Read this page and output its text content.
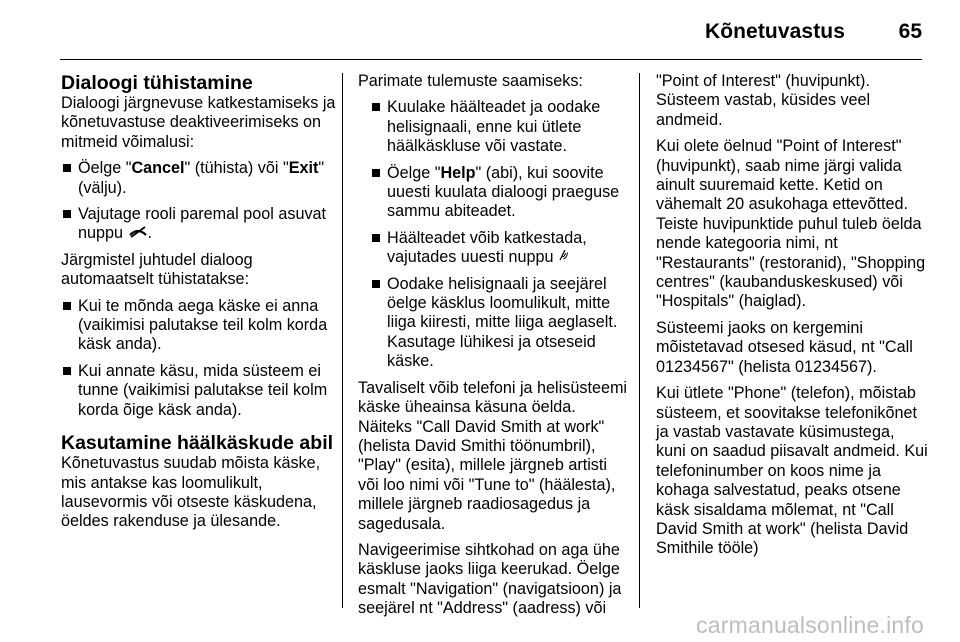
Kõnetuvastus	65
Dialoogi tühistamine

Dialoogi järgnevuse katkestamiseks ja kõnetuvastuse deaktiveerimiseks on mitmeid võimalusi:

Öelge "Cancel" (tühista) või "Exit" (välju).
Vajutage rooli paremal pool asuvat nuppu .

Järgmistel juhtudel dialoog automaatselt tühistatakse:

Kui te mõnda aega käske ei anna (vaikimisi palutakse teil kolm korda käsk anda).
Kui annate käsu, mida süsteem ei tunne (vaikimisi palutakse teil kolm korda õige käsk anda).
Kasutamine häälkäskude abil

Kõnetuvastus suudab mõista käske, mis antakse kas loomulikult, lausevormis või otseste käskudena, öeldes rakenduse ja ülesande.

Parimate tulemuste saamiseks:

Kuulake häälteadet ja oodake helisignaali, enne kui ütlete häälkäskluse või vastate.
Öelge "Help" (abi), kui soovite uuesti kuulata dialoogi praeguse sammu abiteadet.
Häälteadet võib katkestada, vajutades uuesti nuppu
Oodake helisignaali ja seejärel öelge käsklus loomulikult, mitte liiga kiiresti, mitte liiga aeglaselt. Kasutage lühikesi ja otseseid käske.

Tavaliselt võib telefoni ja helisüsteemi käske üheainsa käsuna öelda. Näiteks "Call David Smith at work" (helista David Smithi töönumbril), "Play" (esita), millele järgneb artisti või loo nimi või "Tune to" (häälesta), millele järgneb raadiosagedus ja sagedusala.

Navigeerimise sihtkohad on aga ühe käskluse jaoks liiga keerukad. Öelge esmalt "Navigation" (navigatsioon) ja seejärel nt "Address" (aadress) või

"Point of Interest" (huvipunkt). Süsteem vastab, küsides veel andmeid.

Kui olete öelnud "Point of Interest" (huvipunkt), saab nime järgi valida ainult suuremaid kette. Ketid on vähemalt 20 asukohaga ettevõtted. Teiste huvipunktide puhul tuleb öelda nende kategooria nimi, nt "Restaurants" (restoranid), "Shopping centres" (kaubanduskeskused) või "Hospitals" (haiglad).

Süsteemi jaoks on kergemini mõistetavad otsesed käsud, nt "Call 01234567" (helista 01234567).

Kui ütlete "Phone" (telefon), mõistab süsteem, et soovitakse telefonikõnet ja vastab vastavate küsimustega, kuni on saadud piisavalt andmeid. Kui telefoninumber on koos nime ja kohaga salvestatud, peaks otsene käsk sisaldama mõlemat, nt "Call David Smith at work" (helista David Smithile tööle)

carmanualsonline.info
